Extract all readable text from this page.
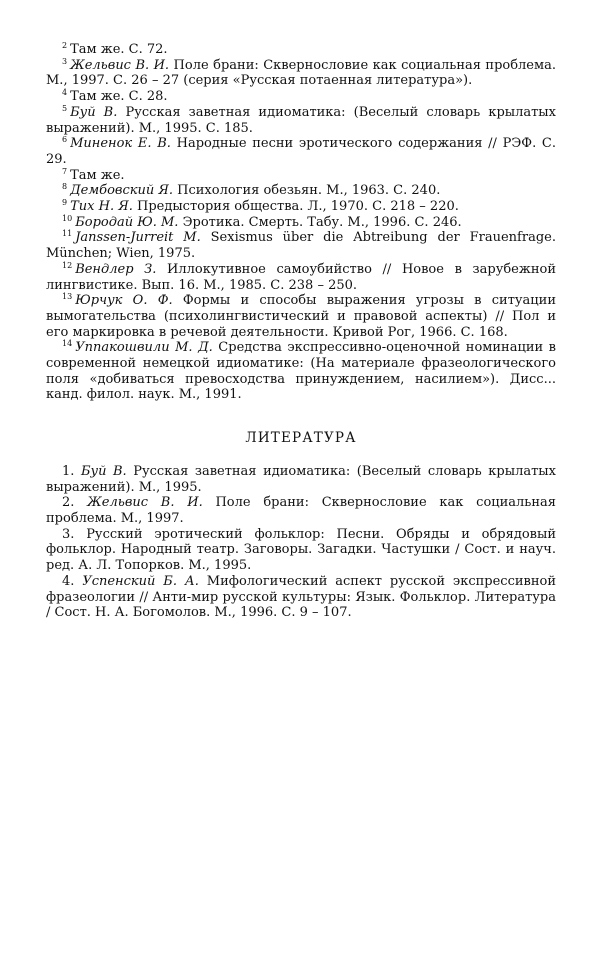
$^2$ Там же. С. 72.

$^3$ Жельвис В. И. Поле брани: Сквернословие как социальная проблема. М., 1997. С. 26 – 27 (серия «Русская потаенная литература»).

$^4$ Там же. С. 28.

$^5$ Буй В. Русская заветная идиоматика: (Веселый словарь крылатых выражений). М., 1995. С. 185.

$^6$ Миненок Е. В. Народные песни эротического содержания // РЭФ. С. 29.

$^7$ Там же.

$^8$ Дембовский Я. Психология обезьян. М., 1963. С. 240.

$^9$ Тих Н. Я. Предыстория общества. Л., 1970. С. 218 – 220.

$^{10}$ Бородай Ю. М. Эротика. Смерть. Табу. М., 1996. С. 246.

$^{11}$ Janssen-Jurreit M. Sexismus über die Abtreibung der Frauenfrage. München; Wien, 1975.

$^{12}$ Вендлер З. Иллокутивное самоубийство // Новое в зарубежной лингвистике. Вып. 16. М., 1985. С. 238 – 250.

$^{13}$ Юрчук О. Ф. Формы и способы выражения угрозы в ситуации вымогательства (психолингвистический и правовой аспекты) // Пол и его маркировка в речевой деятельности. Кривой Рог, 1966. С. 168.

$^{14}$ Уппакошвили М. Д. Средства экспрессивно-оценочной номинации в современной немецкой идиоматике: (На материале фразеологического поля «добиваться превосходства принуждением, насилием»). Дисс... канд. филол. наук. М., 1991.

ЛИТЕРАТУРА

1. Буй В. Русская заветная идиоматика: (Веселый словарь крылатых выражений). М., 1995.

2. Жельвис В. И. Поле брани: Сквернословие как социальная проблема. М., 1997.

3. Русский эротический фольклор: Песни. Обряды и обрядовый фольклор. Народный театр. Заговоры. Загадки. Частушки / Сост. и науч. ред. А. Л. Топорков. М., 1995.

4. Успенский Б. А. Мифологический аспект русской экспрессивной фразеологии // Анти-мир русской культуры: Язык. Фольклор. Литература / Сост. Н. А. Богомолов. М., 1996. С. 9 – 107.
